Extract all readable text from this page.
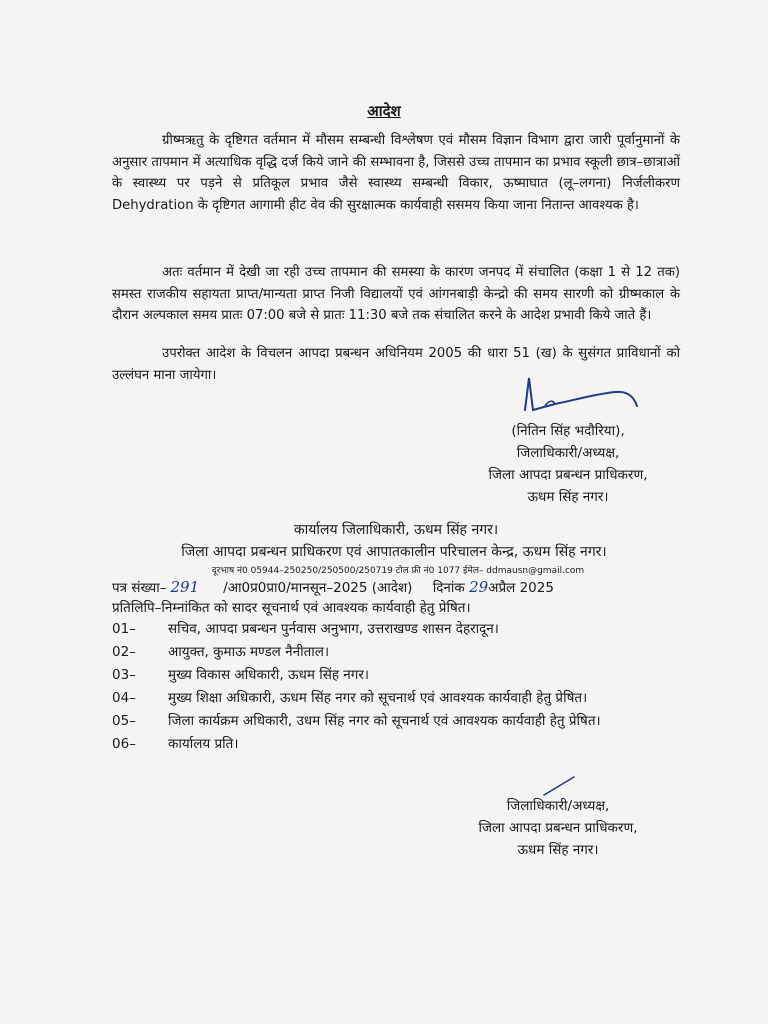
आदेश
ग्रीष्मऋतु के दृष्टिगत वर्तमान में मौसम सम्बन्धी विश्लेषण एवं मौसम विज्ञान विभाग द्वारा जारी पूर्वानुमानों के अनुसार तापमान में अत्याधिक वृद्धि दर्ज किये जाने की सम्भावना है, जिससे उच्च तापमान का प्रभाव स्कूली छात्र–छात्राओं के स्वास्थ्य पर पड़ने से प्रतिकूल प्रभाव जैसे स्वास्थ्य सम्बन्धी विकार, ऊष्माघात (लू–लगना) निर्जलीकरण Dehydration के दृष्टिगत आगामी हीट वेव की सुरक्षात्मक कार्यवाही ससमय किया जाना नितान्त आवश्यक है।
अतः वर्तमान में देखी जा रही उच्च तापमान की समस्या के कारण जनपद में संचालित (कक्षा 1 से 12 तक) समस्त राजकीय सहायता प्राप्त/मान्यता प्राप्त निजी विद्यालयों एवं आंगनबाड़ी केन्द्रो की समय सारणी को ग्रीष्मकाल के दौरान अल्पकाल समय प्रातः 07:00 बजे से प्रातः 11:30 बजे तक संचालित करने के आदेश प्रभावी किये जाते हैं।
उपरोक्त आदेश के विचलन आपदा प्रबन्धन अधिनियम 2005 की धारा 51 (ख) के सुसंगत प्राविधानों को उल्लंघन माना जायेगा।
(नितिन सिंह भदौरिया),
जिलाधिकारी/अध्यक्ष,
जिला आपदा प्रबन्धन प्राधिकरण,
ऊधम सिंह नगर।
कार्यालय जिलाधिकारी, ऊधम सिंह नगर।
जिला आपदा प्रबन्धन प्राधिकरण एवं आपातकालीन परिचालन केन्द्र, ऊधम सिंह नगर।
दूरभाष नं0 05944–250250/250500/250719 टोल फ्री नं0 1077 ईमेल– ddmausn@gmail.com
पत्र संख्या– 291 /आ0प्र0प्रा0/मानसून–2025 (आदेश) दिनांक 29अप्रैल 2025
प्रतिलिपि–निम्नांकित को सादर सूचनार्थ एवं आवश्यक कार्यवाही हेतु प्रेषित।
01–	सचिव, आपदा प्रबन्धन पुर्नवास अनुभाग, उत्तराखण्ड शासन देहरादून।
02–	आयुक्त, कुमाऊ मण्डल नैनीताल।
03–	मुख्य विकास अधिकारी, ऊधम सिंह नगर।
04–	मुख्य शिक्षा अधिकारी, ऊधम सिंह नगर को सूचनार्थ एवं आवश्यक कार्यवाही हेतु प्रेषित।
05–	जिला कार्यक्रम अधिकारी, उधम सिंह नगर को सूचनार्थ एवं आवश्यक कार्यवाही हेतु प्रेषित।
06–	कार्यालय प्रति।
जिलाधिकारी/अध्यक्ष,
जिला आपदा प्रबन्धन प्राधिकरण,
ऊधम सिंह नगर।
